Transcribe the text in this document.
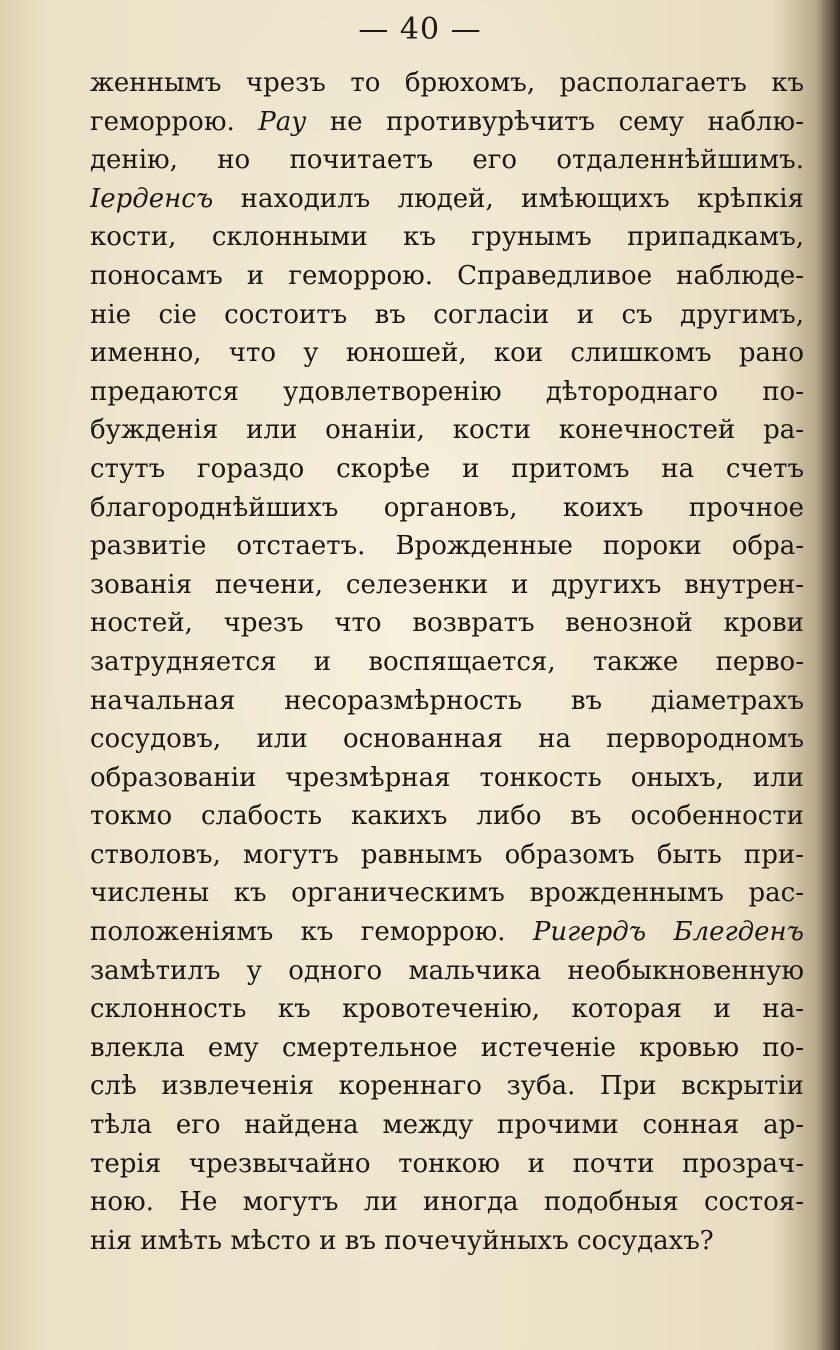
— 40 —
женнымъ чрезъ то брюхомъ, располагаетъ къ
геморрою. Рау не противурѣчитъ сему наблю-
денію, но почитаетъ его отдаленнѣйшимъ.
Іерденсъ находилъ людей, имѣющихъ крѣпкія
кости, склонными къ грунымъ припадкамъ,
поносамъ и геморрою. Справедливое наблюде-
ніе сіе состоитъ въ согласіи и съ другимъ,
именно, что у юношей, кои слишкомъ рано
предаются удовлетворенію дѣтороднаго по-
бужденія или онаніи, кости конечностей ра-
стутъ гораздо скорѣе и притомъ на счетъ
благороднѣйшихъ органовъ, коихъ прочное
развитіе отстаетъ. Врожденные пороки обра-
зованія печени, селезенки и другихъ внутрен-
ностей, чрезъ что возвратъ венозной крови
затрудняется и воспящается, также перво-
начальная несоразмѣрность въ діаметрахъ
сосудовъ, или основанная на первородномъ
образованіи чрезмѣрная тонкость оныхъ, или
токмо слабость какихъ либо въ особенности
стволовъ, могутъ равнымъ образомъ быть при-
числены къ органическимъ врожденнымъ рас-
положеніямъ къ геморрою. Ригердъ Блегденъ
замѣтилъ у одного мальчика необыкновенную
склонность къ кровотеченію, которая и на-
влекла ему смертельное истеченіе кровью по-
слѣ извлеченія кореннаго зуба. При вскрытіи
тѣла его найдена между прочими сонная ар-
терія чрезвычайно тонкою и почти прозрач-
ною. Не могутъ ли иногда подобныя состоя-
нія имѣть мѣсто и въ почечуйныхъ сосудахъ?
